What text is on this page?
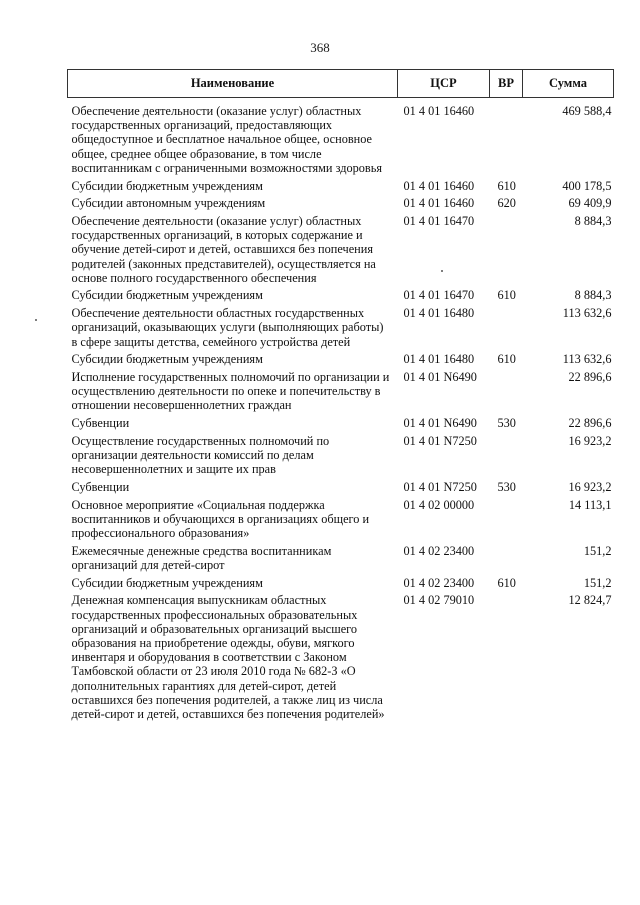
368
Наименование	ЦСР	ВР	Сумма
Обеспечение деятельности (оказание услуг) областных государственных организаций, предоставляющих общедоступное и бесплатное начальное общее, основное общее, среднее общее образование, в том числе воспитанникам с ограниченными возможностями здоровья	01 4 01 16460		469 588,4
Субсидии бюджетным учреждениям	01 4 01 16460	610	400 178,5
Субсидии автономным учреждениям	01 4 01 16460	620	69 409,9
Обеспечение деятельности (оказание услуг) областных государственных организаций, в которых содержание и обучение детей-сирот и детей, оставшихся без попечения родителей (законных представителей), осуществляется на основе полного государственного обеспечения	01 4 01 16470		8 884,3
Субсидии бюджетным учреждениям	01 4 01 16470	610	8 884,3
Обеспечение деятельности областных государственных организаций, оказывающих услуги (выполняющих работы) в сфере защиты детства, семейного устройства детей	01 4 01 16480		113 632,6
Субсидии бюджетным учреждениям	01 4 01 16480	610	113 632,6
Исполнение государственных полномочий по организации и осуществлению деятельности по опеке и попечительству в отношении несовершеннолетних граждан	01 4 01 N6490		22 896,6
Субвенции	01 4 01 N6490	530	22 896,6
Осуществление государственных полномочий по организации деятельности комиссий по делам несовершеннолетних и защите их прав	01 4 01 N7250		16 923,2
Субвенции	01 4 01 N7250	530	16 923,2
Основное мероприятие «Социальная поддержка воспитанников и обучающихся в организациях общего и профессионального образования»	01 4 02 00000		14 113,1
Ежемесячные денежные средства воспитанникам организаций для детей-сирот	01 4 02 23400		151,2
Субсидии бюджетным учреждениям	01 4 02 23400	610	151,2
Денежная компенсация выпускникам областных государственных профессиональных образовательных организаций и образовательных организаций высшего образования на приобретение одежды, обуви, мягкого инвентаря и оборудования в соответствии с Законом Тамбовской области от 23 июля 2010 года № 682-З «О дополнительных гарантиях для детей-сирот, детей оставшихся без попечения родителей, а также лиц из числа детей-сирот и детей, оставшихся без попечения родителей»	01 4 02 79010		12 824,7
